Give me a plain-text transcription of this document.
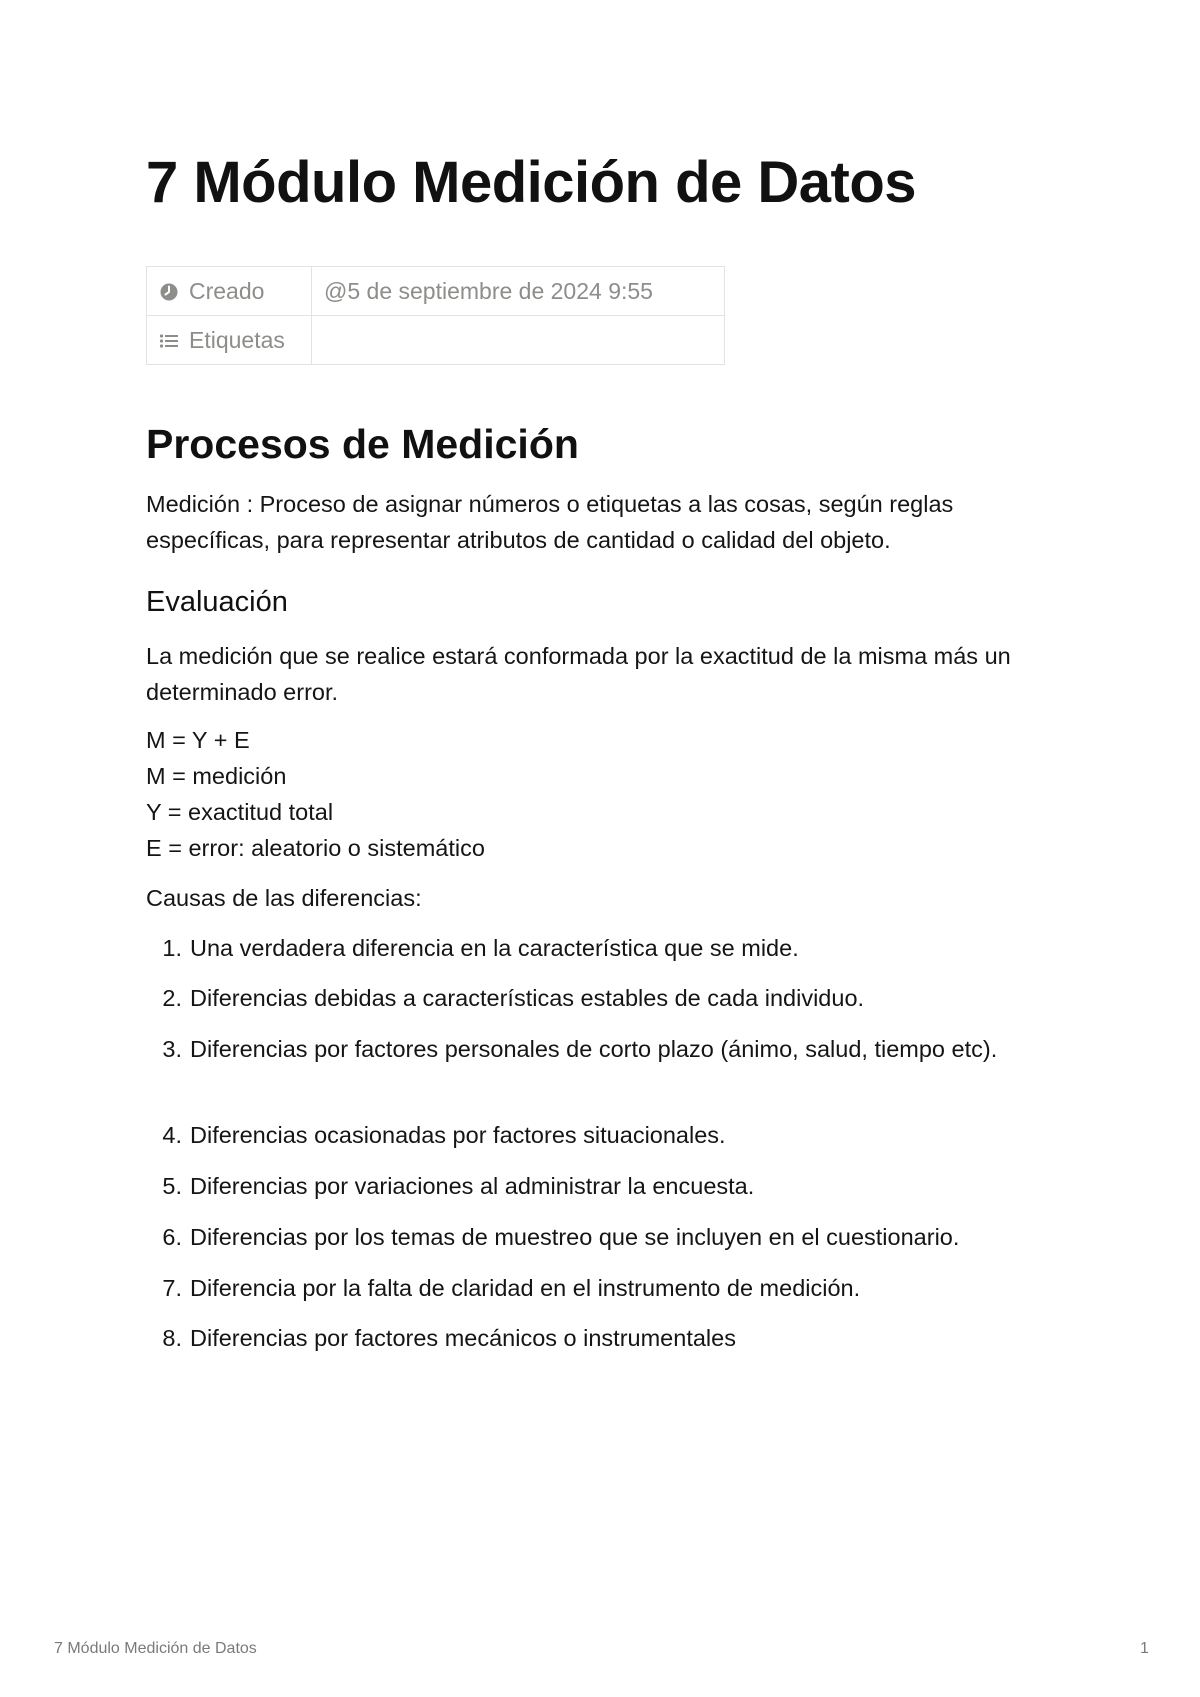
7 Módulo Medición de Datos
Creado	@5 de septiembre de 2024 9:55
Etiquetas	
Procesos de Medición

Medición : Proceso de asignar números o etiquetas a las cosas, según reglas específicas, para representar atributos de cantidad o calidad del objeto.

Evaluación

La medición que se realice estará conformada por la exactitud de la misma más un determinado error.

M = Y + E
M = medición
Y = exactitud total
E = error: aleatorio o sistemático

Causas de las diferencias:

1. Una verdadera diferencia en la característica que se mide.
2. Diferencias debidas a características estables de cada individuo.
3. Diferencias por factores personales de corto plazo (ánimo, salud, tiempo etc).
4. Diferencias ocasionadas por factores situacionales.
5. Diferencias por variaciones al administrar la encuesta.
6. Diferencias por los temas de muestreo que se incluyen en el cuestionario.
7. Diferencia por la falta de claridad en el instrumento de medición.
8. Diferencias por factores mecánicos o instrumentales
7 Módulo Medición de Datos	1
